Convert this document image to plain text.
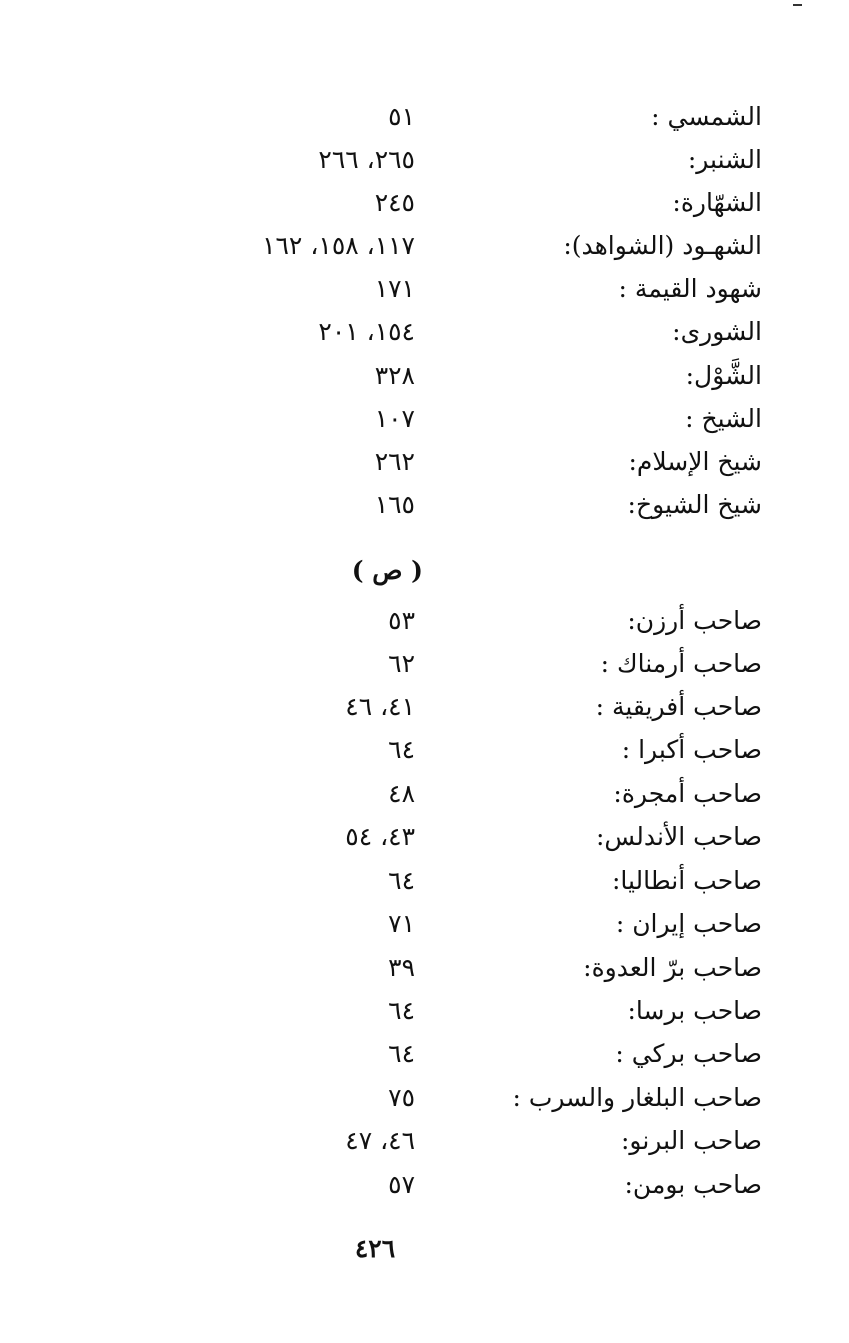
الشمسي :
٥١
الشنبر:
٢٦٥، ٢٦٦
الشهّارة:
٢٤٥
الشهـود (الشواهد):
١١٧، ١٥٨، ١٦٢
شهود القيمة :
١٧١
الشورى:
١٥٤، ٢٠١
الشَّوْل:
٣٢٨
الشيخ :
١٠٧
شيخ الإسلام:
٢٦٢
شيخ الشيوخ:
١٦٥
( ص )
صاحب أرزن:
٥٣
صاحب أرمناك :
٦٢
صاحب أفريقية :
٤١، ٤٦
صاحب أكبرا :
٦٤
صاحب أمجرة:
٤٨
صاحب الأندلس:
٤٣، ٥٤
صاحب أنطاليا:
٦٤
صاحب إيران :
٧١
صاحب برّ العدوة:
٣٩
صاحب برسا:
٦٤
صاحب بركي :
٦٤
صاحب البلغار والسرب :
٧٥
صاحب البرنو:
٤٦، ٤٧
صاحب بومن:
٥٧
٤٢٦
